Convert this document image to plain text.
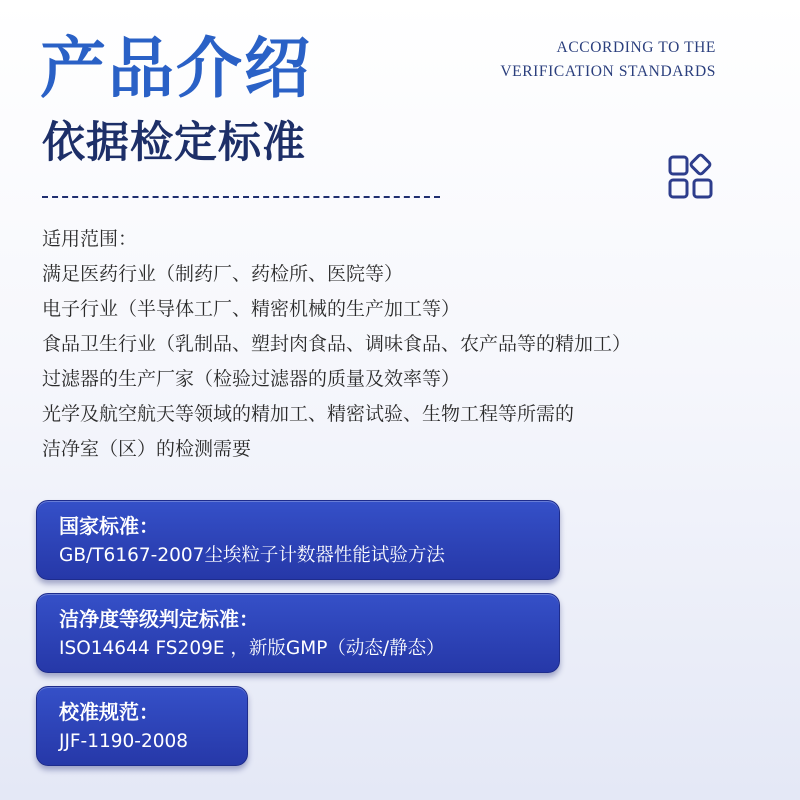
产品介绍
依据检定标准
ACCORDING TO THE
VERIFICATION STANDARDS
适用范围：
满足医药行业（制药厂、药检所、医院等）
电子行业（半导体工厂、精密机械的生产加工等）
食品卫生行业（乳制品、塑封肉食品、调味食品、农产品等的精加工）
过滤器的生产厂家（检验过滤器的质量及效率等）
光学及航空航天等领域的精加工、精密试验、生物工程等所需的
洁净室（区）的检测需要
国家标准：
GB/T6167-2007尘埃粒子计数器性能试验方法
洁净度等级判定标准：
ISO14644 FS209E ，新版GMP（动态/静态）
校准规范：
JJF-1190-2008
